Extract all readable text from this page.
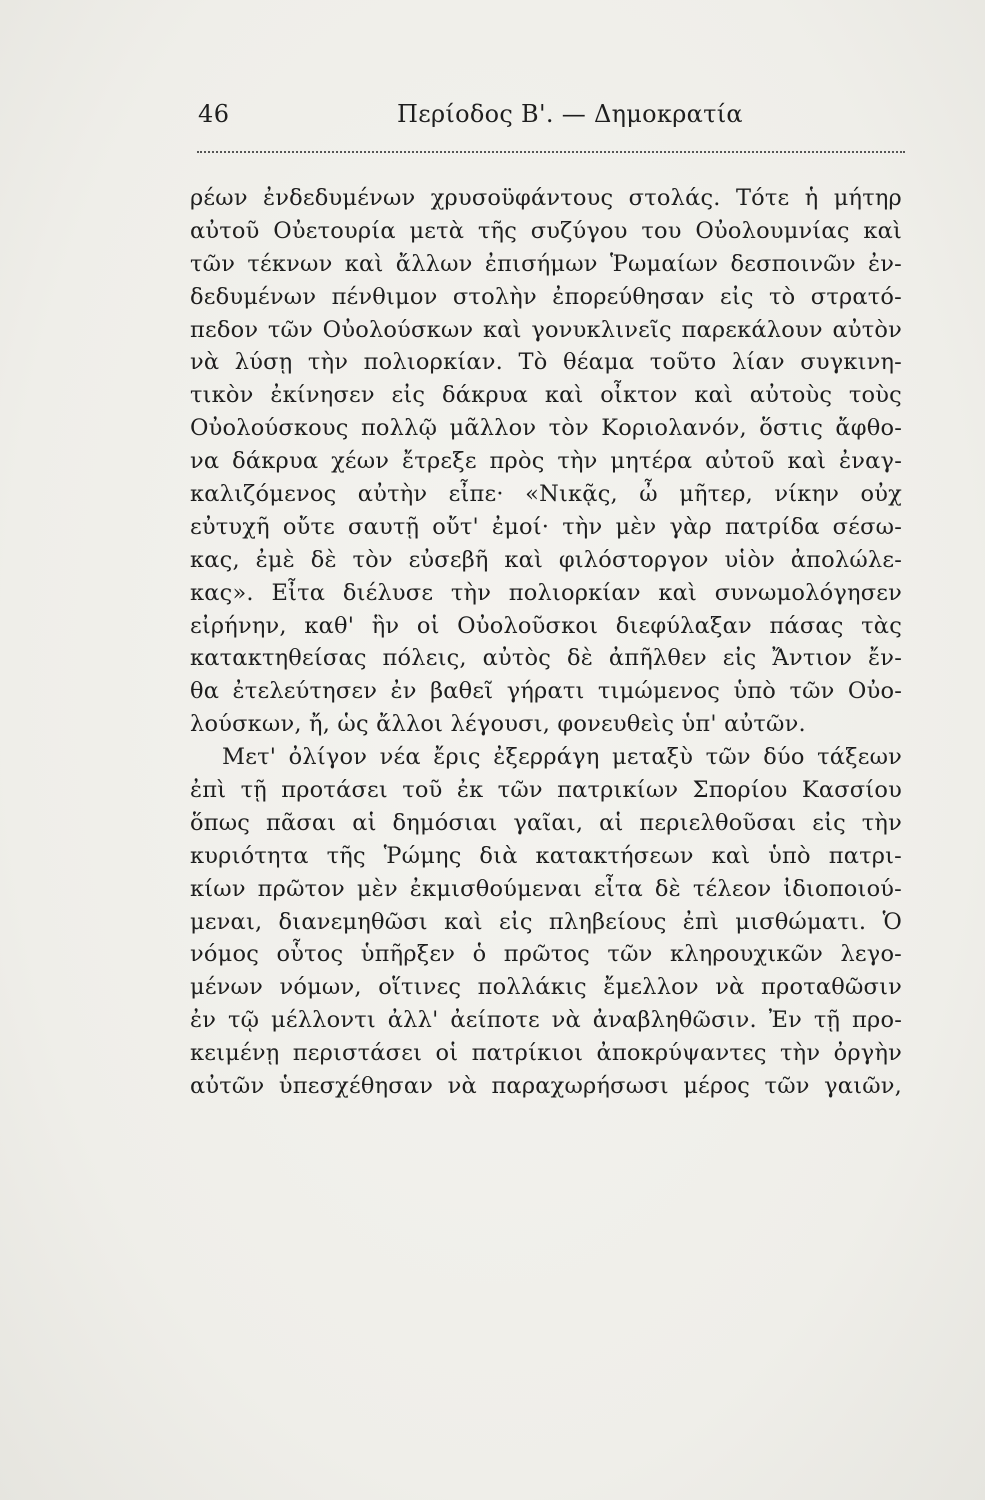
46	Περίοδος Β'. — Δημοκρατία
ρέων ἐνδεδυμένων χρυσοϋφάντους στολάς. Τότε ἡ μήτηρ
αὐτοῦ Οὐετουρία μετὰ τῆς συζύγου του Οὐολουμνίας καὶ
τῶν τέκνων καὶ ἄλλων ἐπισήμων Ῥωμαίων δεσποινῶν ἐν-
δεδυμένων πένθιμον στολὴν ἐπορεύθησαν εἰς τὸ στρατό-
πεδον τῶν Οὐολούσκων καὶ γονυκλινεῖς παρεκάλουν αὐτὸν
νὰ λύσῃ τὴν πολιορκίαν. Τὸ θέαμα τοῦτο λίαν συγκινη-
τικὸν ἐκίνησεν εἰς δάκρυα καὶ οἶκτον καὶ αὐτοὺς τοὺς
Οὐολούσκους πολλῷ μᾶλλον τὸν Κοριολανόν, ὅστις ἄφθο-
να δάκρυα χέων ἔτρεξε πρὸς τὴν μητέρα αὐτοῦ καὶ ἐναγ-
καλιζόμενος αὐτὴν εἶπε· «Νικᾷς, ὦ μῆτερ, νίκην οὐχ
εὐτυχῆ οὔτε σαυτῇ οὔτ' ἐμοί· τὴν μὲν γὰρ πατρίδα σέσω-
κας, ἐμὲ δὲ τὸν εὐσεβῆ καὶ φιλόστοργον υἱὸν ἀπολώλε-
κας». Εἶτα διέλυσε τὴν πολιορκίαν καὶ συνωμολόγησεν
εἰρήνην, καθ' ἣν οἱ Οὐολοῦσκοι διεφύλαξαν πάσας τὰς
κατακτηθείσας πόλεις, αὐτὸς δὲ ἀπῆλθεν εἰς Ἄντιον ἔν-
θα ἐτελεύτησεν ἐν βαθεῖ γήρατι τιμώμενος ὑπὸ τῶν Οὐο-
λούσκων, ἤ, ὡς ἄλλοι λέγουσι, φονευθεὶς ὑπ' αὐτῶν.
Μετ' ὀλίγον νέα ἔρις ἐξερράγη μεταξὺ τῶν δύο τάξεων
ἐπὶ τῇ προτάσει τοῦ ἐκ τῶν πατρικίων Σπορίου Κασσίου
ὅπως πᾶσαι αἱ δημόσιαι γαῖαι, αἱ περιελθοῦσαι εἰς τὴν
κυριότητα τῆς Ῥώμης διὰ κατακτήσεων καὶ ὑπὸ πατρι-
κίων πρῶτον μὲν ἐκμισθούμεναι εἶτα δὲ τέλεον ἰδιοποιού-
μεναι, διανεμηθῶσι καὶ εἰς πληβείους ἐπὶ μισθώματι. Ὁ
νόμος οὗτος ὑπῆρξεν ὁ πρῶτος τῶν κληρουχικῶν λεγο-
μένων νόμων, οἵτινες πολλάκις ἔμελλον νὰ προταθῶσιν
ἐν τῷ μέλλοντι ἀλλ' ἀείποτε νὰ ἀναβληθῶσιν. Ἐν τῇ προ-
κειμένῃ περιστάσει οἱ πατρίκιοι ἀποκρύψαντες τὴν ὀργὴν
αὐτῶν ὑπεσχέθησαν νὰ παραχωρήσωσι μέρος τῶν γαιῶν,
